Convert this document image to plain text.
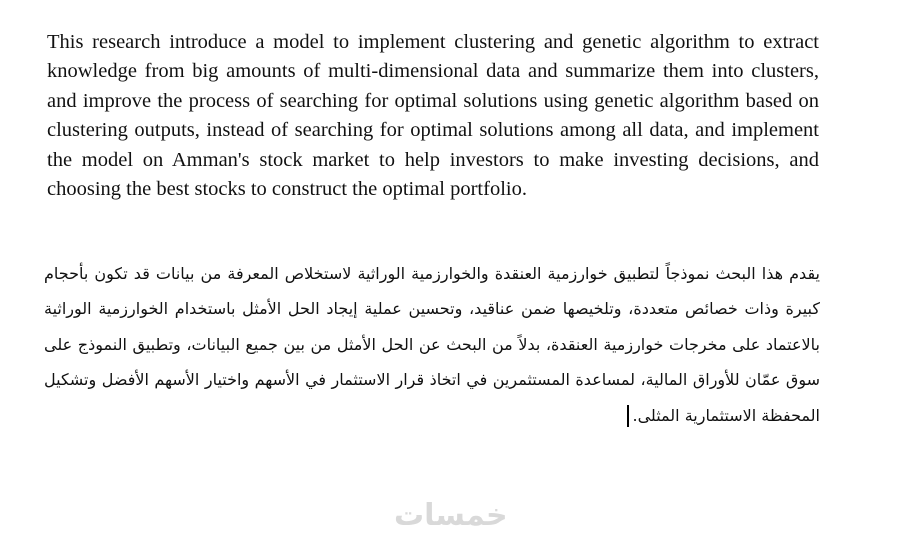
This research introduce a model to implement clustering and genetic algorithm to extract knowledge from big amounts of multi-dimensional data and summarize them into clusters, and improve the process of searching for optimal solutions using genetic algorithm based on clustering outputs, instead of searching for optimal solutions among all data, and implement the model on Amman's stock market to help investors to make investing decisions, and choosing the best stocks to construct the optimal portfolio.
يقدم هذا البحث نموذجاً لتطبيق خوارزمية العنقدة والخوارزمية الوراثية لاستخلاص المعرفة من بيانات قد تكون بأحجام كبيرة وذات خصائص متعددة، وتلخيصها ضمن عناقيد، وتحسين عملية إيجاد الحل الأمثل باستخدام الخوارزمية الوراثية بالاعتماد على مخرجات خوارزمية العنقدة، بدلاً من البحث عن الحل الأمثل من بين جميع البيانات، وتطبيق النموذج على سوق عمّان للأوراق المالية، لمساعدة المستثمرين في اتخاذ قرار الاستثمار في الأسهم واختيار الأسهم الأفضل وتشكيل المحفظة الاستثمارية المثلى.
خمسات
